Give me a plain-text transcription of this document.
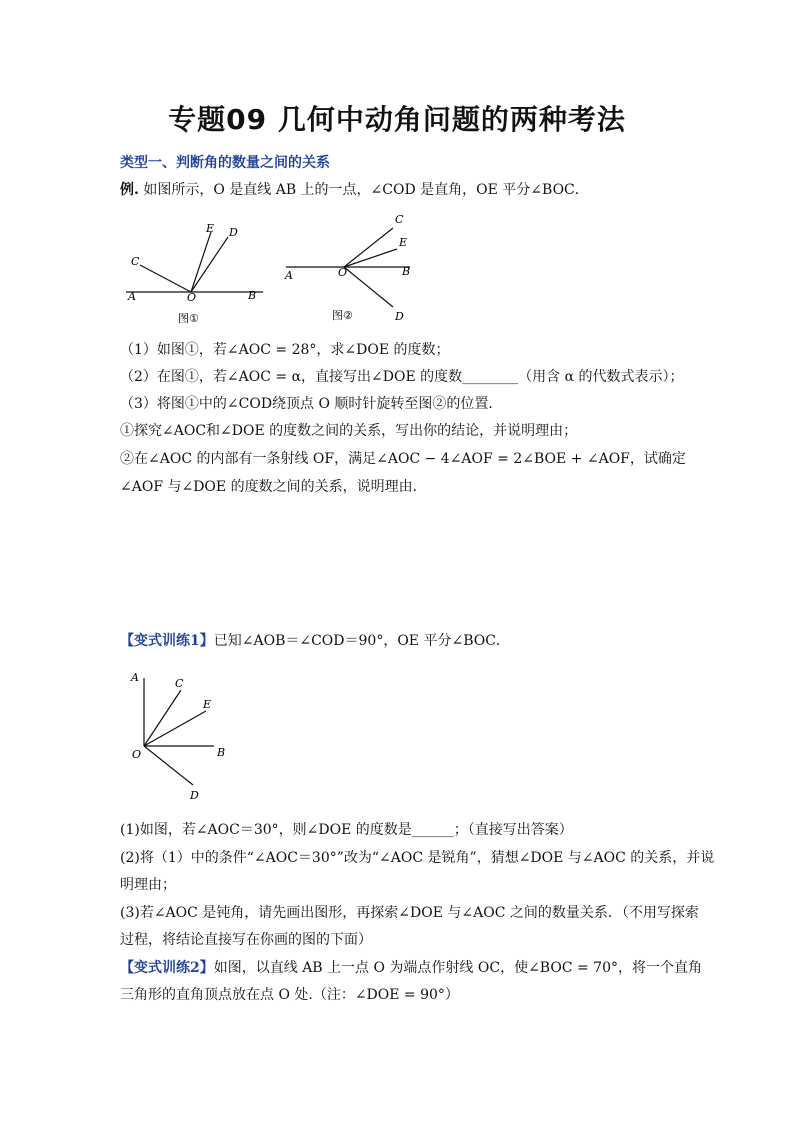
专题09 几何中动角问题的两种考法
类型一、判断角的数量之间的关系
例. 如图所示，O 是直线 AB 上的一点，∠COD 是直角，OE 平分∠BOC．
A	B
C
D
E
O
图①
A	B
C
D
E
O
图②
（1）如图①，若∠AOC = 28°，求∠DOE 的度数；
（2）在图①，若∠AOC = α，直接写出∠DOE 的度数________（用含 α 的代数式表示）；
（3）将图①中的∠COD绕顶点 O 顺时针旋转至图②的位置．
①探究∠AOC和∠DOE 的度数之间的关系，写出你的结论，并说明理由；
②在∠AOC 的内部有一条射线 OF，满足∠AOC − 4∠AOF = 2∠BOE + ∠AOF，试确定
∠AOF 与∠DOE 的度数之间的关系，说明理由．
【变式训练1】已知∠AOB＝∠COD＝90°，OE 平分∠BOC．
A
B
C
D
E
O
(1)如图，若∠AOC＝30°，则∠DOE 的度数是______；（直接写出答案）
(2)将（1）中的条件“∠AOC＝30°”改为“∠AOC 是锐角”，猜想∠DOE 与∠AOC 的关系，并说
明理由；
(3)若∠AOC 是钝角，请先画出图形，再探索∠DOE 与∠AOC 之间的数量关系．（不用写探索
过程，将结论直接写在你画的图的下面）
【变式训练2】如图，以直线 AB 上一点 O 为端点作射线 OC，使∠BOC = 70°，将一个直角
三角形的直角顶点放在点 O 处.（注：∠DOE = 90°）
